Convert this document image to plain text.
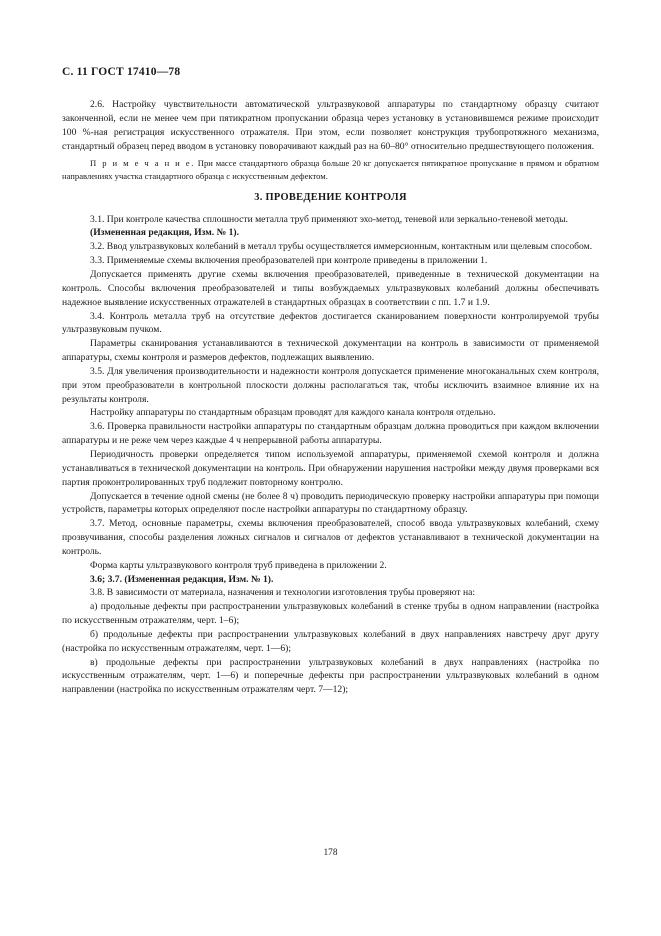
С. 11 ГОСТ 17410—78

2.6. Настройку чувствительности автоматической ультразвуковой аппаратуры по стандартному образцу считают законченной, если не менее чем при пятикратном пропускании образца через установку в установившемся режиме происходит 100 %-ная регистрация искусственного отражателя. При этом, если позволяет конструкция трубопротяжного механизма, стандартный образец перед вводом в установку поворачивают каждый раз на 60–80° относительно предшествующего положения.

П р и м е ч а н и е. При массе стандартного образца больше 20 кг допускается пятикратное пропускание в прямом и обратном направлениях участка стандартного образца с искусственным дефектом.

3. ПРОВЕДЕНИЕ КОНТРОЛЯ

3.1. При контроле качества сплошности металла труб применяют эхо-метод, теневой или зеркально-теневой методы.

(Измененная редакция, Изм. № 1).

3.2. Ввод ультразвуковых колебаний в металл трубы осуществляется иммерсионным, контактным или щелевым способом.

3.3. Применяемые схемы включения преобразователей при контроле приведены в приложении 1.

Допускается применять другие схемы включения преобразователей, приведенные в технической документации на контроль. Способы включения преобразователей и типы возбуждаемых ультразвуковых колебаний должны обеспечивать надежное выявление искусственных отражателей в стандартных образцах в соответствии с пп. 1.7 и 1.9.

3.4. Контроль металла труб на отсутствие дефектов достигается сканированием поверхности контролируемой трубы ультразвуковым пучком.

Параметры сканирования устанавливаются в технической документации на контроль в зависимости от применяемой аппаратуры, схемы контроля и размеров дефектов, подлежащих выявлению.

3.5. Для увеличения производительности и надежности контроля допускается применение многоканальных схем контроля, при этом преобразователи в контрольной плоскости должны располагаться так, чтобы исключить взаимное влияние их на результаты контроля.

Настройку аппаратуры по стандартным образцам проводят для каждого канала контроля отдельно.

3.6. Проверка правильности настройки аппаратуры по стандартным образцам должна проводиться при каждом включении аппаратуры и не реже чем через каждые 4 ч непрерывной работы аппаратуры.

Периодичность проверки определяется типом используемой аппаратуры, применяемой схемой контроля и должна устанавливаться в технической документации на контроль. При обнаружении нарушения настройки между двумя проверками вся партия проконтролированных труб подлежит повторному контролю.

Допускается в течение одной смены (не более 8 ч) проводить периодическую проверку настройки аппаратуры при помощи устройств, параметры которых определяют после настройки аппаратуры по стандартному образцу.

3.7. Метод, основные параметры, схемы включения преобразователей, способ ввода ультразвуковых колебаний, схему прозвучивания, способы разделения ложных сигналов и сигналов от дефектов устанавливают в технической документации на контроль.

Форма карты ультразвукового контроля труб приведена в приложении 2.

3.6; 3.7. (Измененная редакция, Изм. № 1).

3.8. В зависимости от материала, назначения и технологии изготовления трубы проверяют на:

а) продольные дефекты при распространении ультразвуковых колебаний в стенке трубы в одном направлении (настройка по искусственным отражателям, черт. 1–6);

б) продольные дефекты при распространении ультразвуковых колебаний в двух направлениях навстречу друг другу (настройка по искусственным отражателям, черт. 1—6);

в) продольные дефекты при распространении ультразвуковых колебаний в двух направлениях (настройка по искусственным отражателям, черт. 1—6) и поперечные дефекты при распространении ультразвуковых колебаний в одном направлении (настройка по искусственным отражателям черт. 7—12);

178
